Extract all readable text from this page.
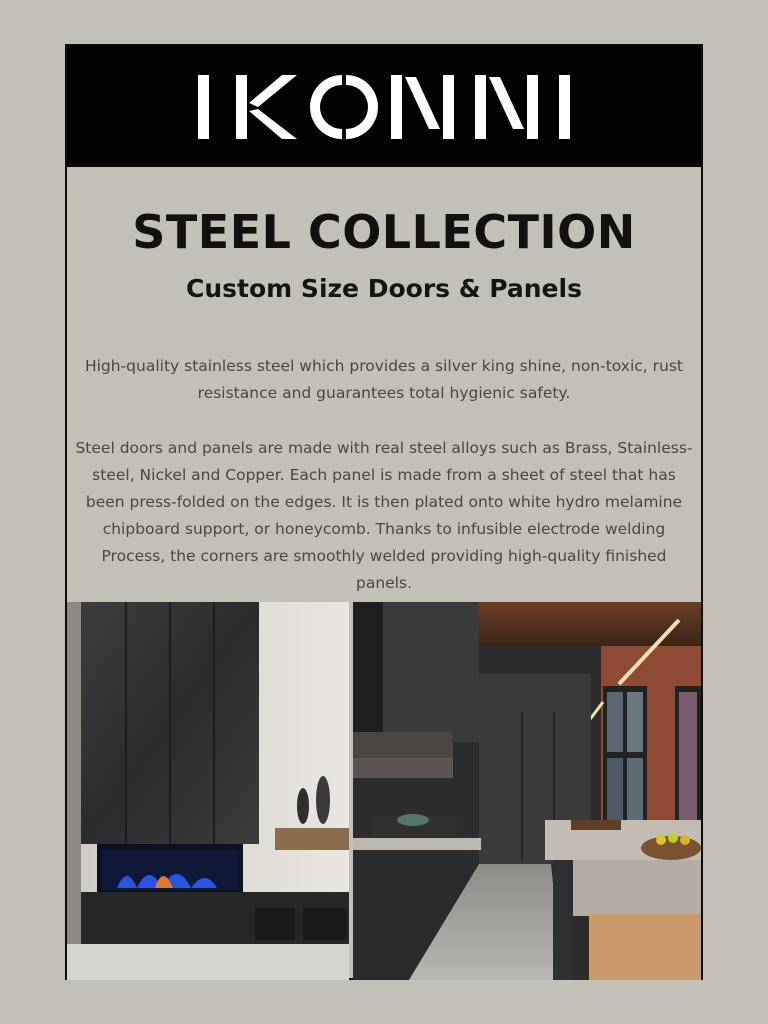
STEEL COLLECTION
Custom Size Doors & Panels

High-quality stainless steel which provides a silver king shine, non-toxic, rust resistance and guarantees total hygienic safety.

Steel doors and panels are made with real steel alloys such as Brass, Stainless-steel, Nickel and Copper. Each panel is made from a sheet of steel that has been press-folded on the edges. It is then plated onto white hydro melamine chipboard support, or honeycomb. Thanks to infusible electrode welding Process, the corners are smoothly welded providing high-quality finished panels.
